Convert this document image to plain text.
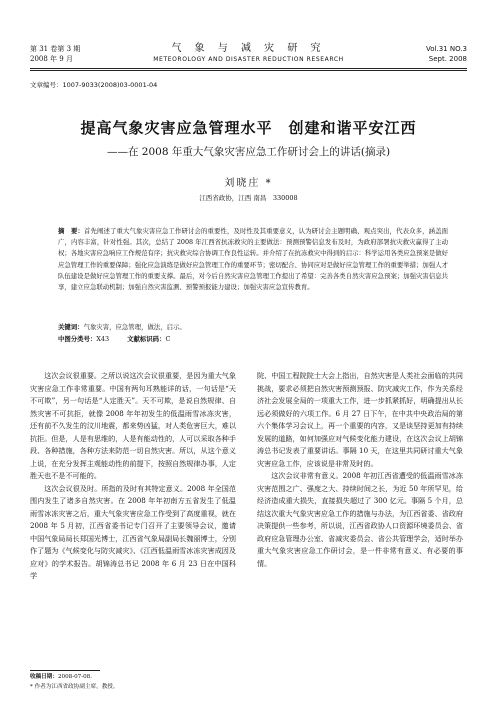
第 31 卷第 3 期
2008 年 9 月
气 象 与 减 灾 研 究
METEOROLOGY AND DISASTER REDUCTION RESEARCH
Vol.31 NO.3
Sept. 2008
文章编号：1007-9033(2008)03-0001-04
提高气象灾害应急管理水平　创建和谐平安江西
——在 2008 年重大气象灾害应急工作研讨会上的讲话(摘录)
刘晓庄 *
江西省政协，江西 南昌　330008
摘　要：首先阐述了重大气象灾害应急工作研讨会的重要性，及时性及其重要意义，认为研讨会主题明确、观点突出，代表众多，涵盖面广，内容丰富，针对性强。其次，总结了 2008 年江西省抗冻救灾的主要做法：预测预警信息发布及时，为政府部署抗灾救灾赢得了主动权；各地灾害应急响应工作规范有序；抗灾救灾综合协调工作良性运转。并介绍了在抗冻救灾中得到的启示：科学运用各类应急预案是做好应急管理工作的重要保障；强化应急演练是做好应急管理工作的重要环节；密切配合、协同应对是做好应急管理工作的重要举措；加强人才队伍建设是做好应急管理工作的重要支撑。最后，对今后自然灾害应急管理工作提出了希望：完善各类自然灾害应急预案；加强灾害信息共享，建立应急联动机制；加强自然灾害监测、预警预报能力建设；加强灾害应急宣传教育。
关键词：气象灾害，应急管理，做法，启示。
中图分类号：X43	文献标识码：C

这次会议很重要。之所以说这次会议很重要，是因为重大气象灾害应急工作非常重要。中国有两句耳熟能详的话，一句话是“天不可欺”，另一句话是“人定胜天”。天不可欺，是说自然规律、自然灾害不可抗拒，就像 2008 年年初发生的低温雨雪冰冻灾害，还有前不久发生的汶川地震，都来势凶猛，对人类危害巨大，难以抗拒。但是，人是有思维的，人是有能动性的，人可以采取各种手段、各种措施，各种方法来防范一切自然灾害。所以，从这个意义上说，在充分发挥主观能动性的前提下，按照自然规律办事，人定胜天也不是不可能的。

这次会议很及时。所指的及时有其特定意义。2008 年全国范围内发生了诸多自然灾害。在 2008 年年初南方五省发生了低温雨雪冰冻灾害之后，重大气象灾害应急工作受到了高度重视，就在 2008 年 5 月初，江西省委书记专门召开了主要领导会议，邀请中国气象局局长郑国光博士，江西省气象局副局长魏丽博士，分别作了题为《气候变化与防灾减灾》、《江西低温雨雪冰冻灾害成因及应对》的学术报告。胡锦涛总书记 2008 年 6 月 23 日在中国科学

院、中国工程院院士大会上指出，自然灾害是人类社会面临的共同挑战，要求必须把自然灾害预测预报、防灾减灾工作，作为关系经济社会发展全局的一项重大工作，进一步抓紧抓好，明确提出从长远必须做好的六项工作。6 月 27 日下午，在中共中央政治局的第六个集体学习会议上，再一个重要的内容，又是谈坚持更加有持续发展的道路，如何加强应对气候变化能力建设，在这次会议上胡锦涛总书记发表了重要讲话。事隔 10 天，在这里共同研讨重大气象灾害应急工作，应该说是非常及时的。

这次会议非常有意义。2008 年初江西省遭受的低温雨雪冰冻灾害范围之广、强度之大、持续时间之长，为近 50 年所罕见，给经济造成重大损失，直接损失超过了 300 亿元。事隔 5 个月，总结这次重大气象灾害应急工作的措施与办法，为江西省委、省政府决策提供一些参考，所以说，江西省政协人口资源环境委员会、省政府应急管理办公室、省减灾委员会、省公共管理学会，适时举办重大气象灾害应急工作研讨会，是一件非常有意义、有必要的事情。

收稿日期：2008-07-08.
* 作者为江西省政协副主席，教授。
